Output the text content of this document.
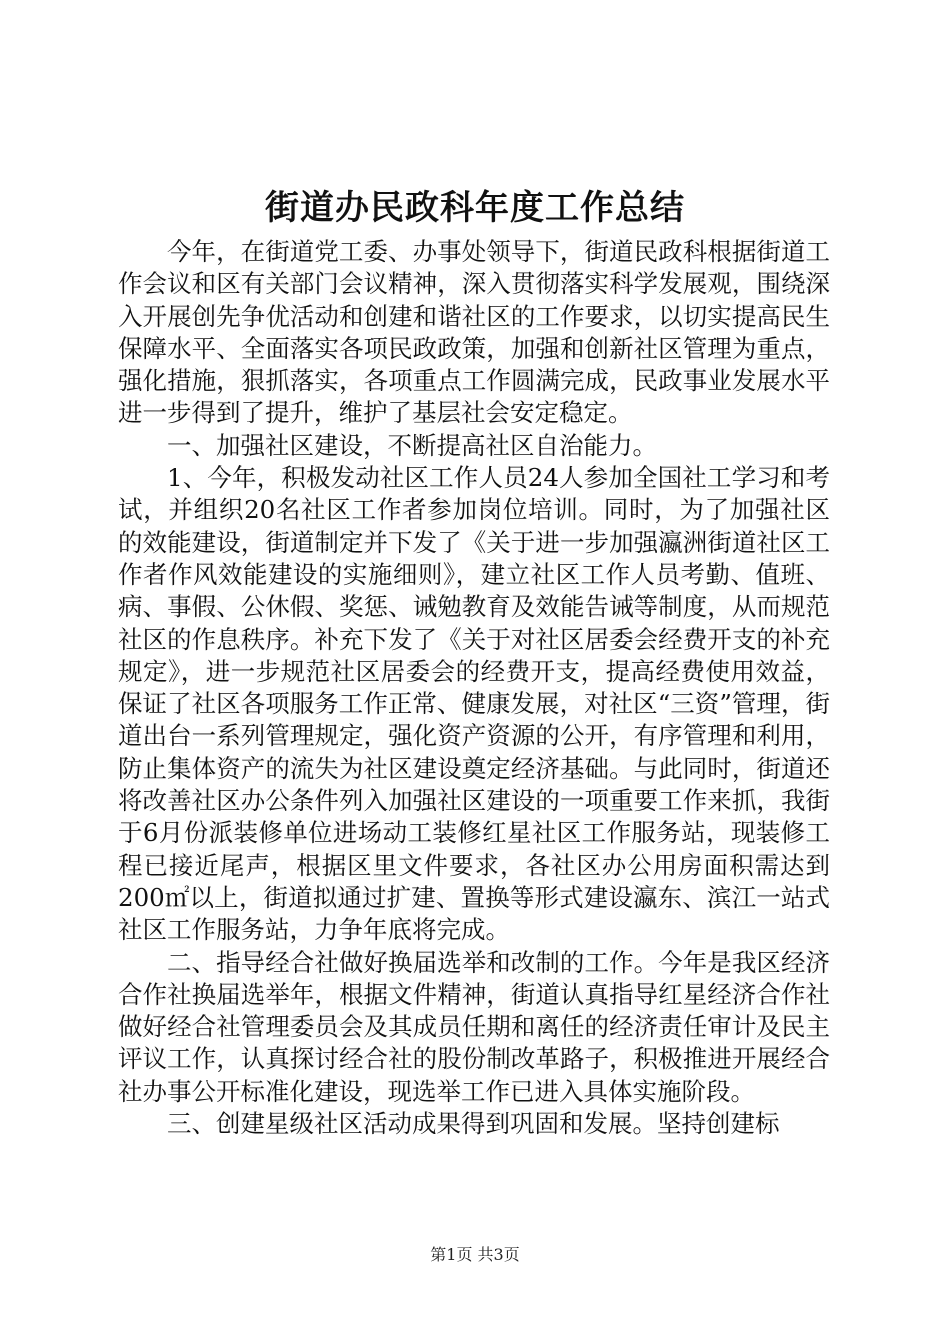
街道办民政科年度工作总结

今年，在街道党工委、办事处领导下，街道民政科根据街道工作会议和区有关部门会议精神，深入贯彻落实科学发展观，围绕深入开展创先争优活动和创建和谐社区的工作要求，以切实提高民生保障水平、全面落实各项民政政策，加强和创新社区管理为重点，强化措施，狠抓落实，各项重点工作圆满完成，民政事业发展水平进一步得到了提升，维护了基层社会安定稳定。

一、加强社区建设，不断提高社区自治能力。

1、今年，积极发动社区工作人员24人参加全国社工学习和考试，并组织20名社区工作者参加岗位培训。同时，为了加强社区的效能建设，街道制定并下发了《关于进一步加强瀛洲街道社区工作者作风效能建设的实施细则》，建立社区工作人员考勤、值班、病、事假、公休假、奖惩、诫勉教育及效能告诫等制度，从而规范社区的作息秩序。补充下发了《关于对社区居委会经费开支的补充规定》，进一步规范社区居委会的经费开支，提高经费使用效益，保证了社区各项服务工作正常、健康发展，对社区“三资”管理，街道出台一系列管理规定，强化资产资源的公开，有序管理和利用，防止集体资产的流失为社区建设奠定经济基础。与此同时，街道还将改善社区办公条件列入加强社区建设的一项重要工作来抓，我街于6月份派装修单位进场动工装修红星社区工作服务站，现装修工程已接近尾声，根据区里文件要求，各社区办公用房面积需达到200㎡以上，街道拟通过扩建、置换等形式建设瀛东、滨江一站式社区工作服务站，力争年底将完成。

二、指导经合社做好换届选举和改制的工作。今年是我区经济合作社换届选举年，根据文件精神，街道认真指导红星经济合作社做好经合社管理委员会及其成员任期和离任的经济责任审计及民主评议工作，认真探讨经合社的股份制改革路子，积极推进开展经合社办事公开标准化建设，现选举工作已进入具体实施阶段。

三、创建星级社区活动成果得到巩固和发展。坚持创建标

第1页 共3页
